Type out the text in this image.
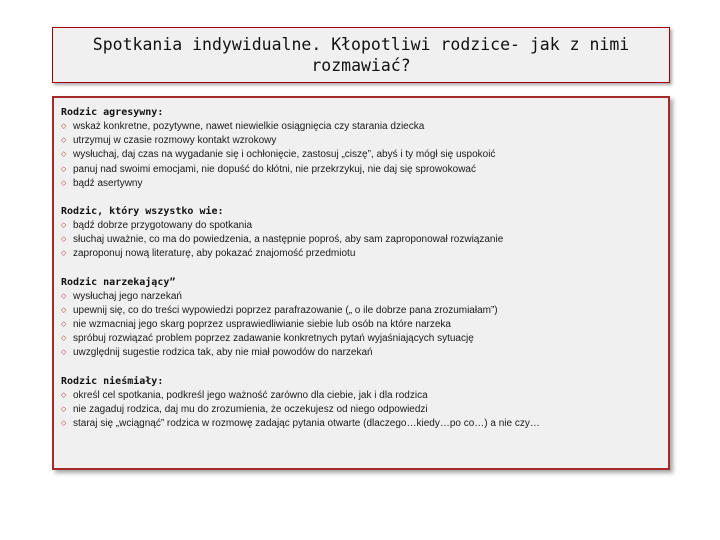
Spotkania indywidualne. Kłopotliwi rodzice- jak z nimi rozmawiać?
Rodzic agresywny:
◇ wskaż konkretne, pozytywne, nawet niewielkie osiągnięcia czy starania dziecka
◇ utrzymuj w czasie rozmowy kontakt wzrokowy
◇ wysłuchaj, daj czas na wygadanie się i ochłonięcie, zastosuj „ciszę”, abyś i ty mógł się uspokoić
◇ panuj nad swoimi emocjami, nie dopuść do kłótni, nie przekrzykuj, nie daj się sprowokować
◇ bądź asertywny
Rodzic, który wszystko wie:
◇ bądź dobrze przygotowany do spotkania
◇ słuchaj uważnie, co ma do powiedzenia, a następnie poproś, aby sam zaproponował rozwiązanie
◇ zaproponuj nową literaturę, aby pokazać znajomość przedmiotu
Rodzic narzekający”
◇ wysłuchaj jego narzekań
◇ upewnij się, co do treści wypowiedzi poprzez parafrazowanie („ o ile dobrze pana zrozumiałam”)
◇ nie wzmacniaj jego skarg poprzez usprawiedliwianie siebie lub osób na które narzeka
◇ spróbuj rozwiązać problem poprzez zadawanie konkretnych pytań wyjaśniających sytuację
◇ uwzględnij sugestie rodzica tak, aby nie miał powodów do narzekań
Rodzic nieśmiały:
◇ określ cel spotkania, podkreśl jego ważność zarówno dla ciebie, jak i dla rodzica
◇ nie zagaduj rodzica, daj mu do zrozumienia, że oczekujesz od niego odpowiedzi
◇ staraj się „wciągnąć” rodzica w rozmowę zadając pytania otwarte (dlaczego…kiedy…po co…) a nie czy…
